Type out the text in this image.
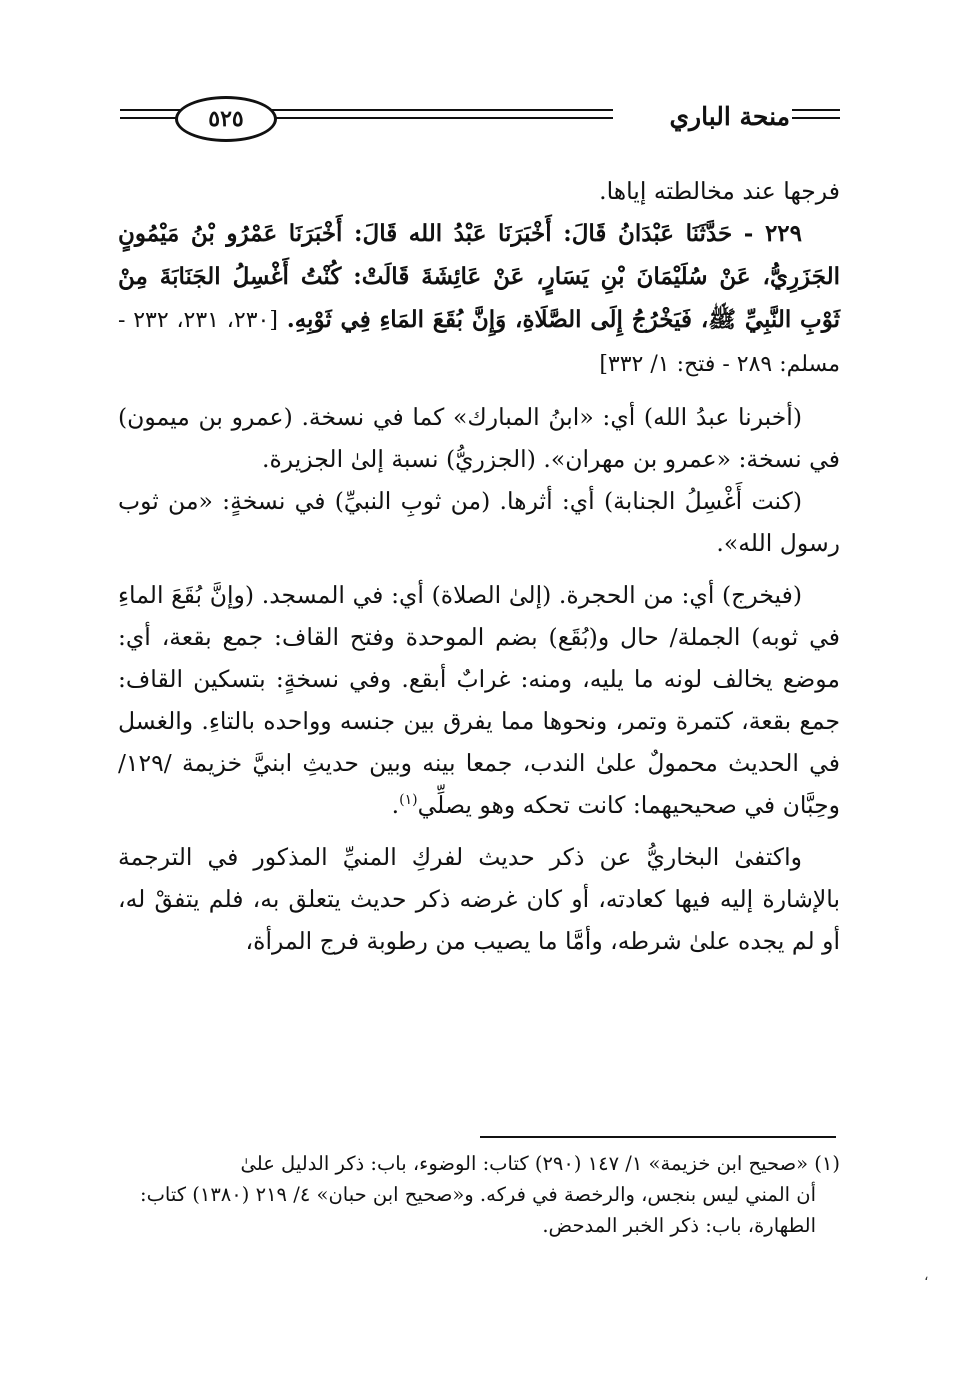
٥٢٥	منحة الباري

فرجها عند مخالطته إياها.

٢٢٩ - حَدَّثَنَا عَبْدَانُ قَالَ: أَخْبَرَنَا عَبْدُ الله قَالَ: أَخْبَرَنَا عَمْرُو بْنُ مَيْمُونٍ الجَزَرِيُّ، عَنْ سُلَيْمَانَ بْنِ يَسَارٍ، عَنْ عَائِشَةَ قَالَتْ: كُنْتُ أَغْسِلُ الجَنَابَةَ مِنْ ثَوْبِ النَّبِيِّ ﷺ، فَيَخْرُجُ إِلَى الصَّلَاةِ، وَإِنَّ بُقَعَ المَاءِ فِي ثَوْبِهِ. [٢٣٠، ٢٣١، ٢٣٢ - مسلم: ٢٨٩ - فتح: ١/ ٣٣٢]

(أخبرنا عبدُ الله) أي: «ابنُ المبارك» كما في نسخة. (عمرو بن ميمون) في نسخة: «عمرو بن مهران». (الجزريُّ) نسبة إلىٰ الجزيرة.

(كنت أَغْسِلُ الجنابة) أي: أثرها. (من ثوبِ النبيِّ) في نسخةٍ: «من ثوب رسول الله».

(فيخرج) أي: من الحجرة. (إلىٰ الصلاة) أي: في المسجد. (وإنَّ بُقَعَ الماءِ في ثوبه) الجملة/ حال و(بُقَع) بضم الموحدة وفتح القاف: جمع بقعة، أي: موضع يخالف لونه ما يليه، ومنه: غرابٌ أبقع. وفي نسخةٍ: بتسكين القاف: جمع بقعة، كتمرة وتمر، ونحوها مما يفرق بين جنسه وواحده بالتاءِ. والغسل في الحديث محمولٌ علىٰ الندب، جمعا بينه وبين حديثِ ابنيَّ خزيمة /١٢٩/ وحِبَّان في صحيحيهما: كانت تحكه وهو يصلِّي$^{(١)}$.

واكتفىٰ البخاريُّ عن ذكر حديث لفركِ المنيِّ المذكور في الترجمة بالإشارة إليه فيها كعادته، أو كان غرضه ذكر حديث يتعلق به، فلم يتفقْ له، أو لم يجده علىٰ شرطه، وأمَّا ما يصيب من رطوبة فرج المرأة،

(١) «صحيح ابن خزيمة» ١/ ١٤٧ (٢٩٠) كتاب: الوضوء، باب: ذكر الدليل علىٰ

أن المني ليس بنجس، والرخصة في فركه. و«صحيح ابن حبان» ٤/ ٢١٩ (١٣٨٠) كتاب: الطهارة، باب: ذكر الخبر المدحض.

،
